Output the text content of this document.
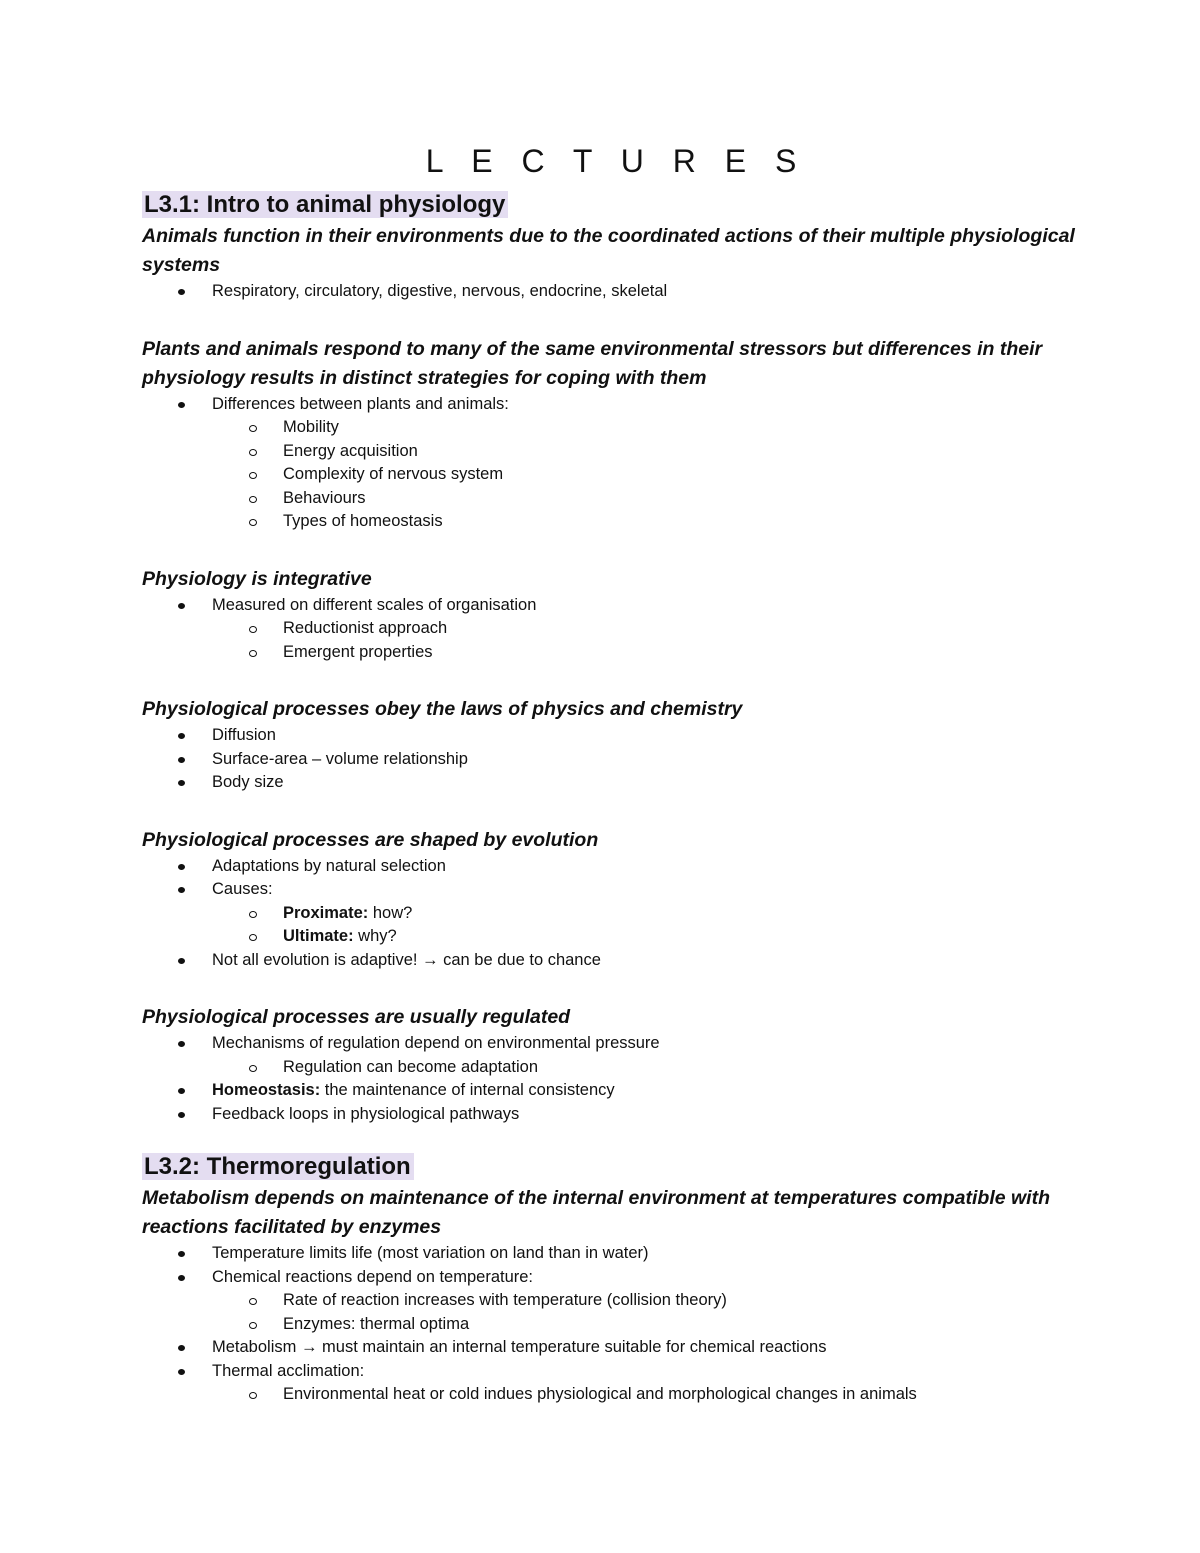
L E C T U R E S
L3.1: Intro to animal physiology

Animals function in their environments due to the coordinated actions of their multiple physiological systems

Respiratory, circulatory, digestive, nervous, endocrine, skeletal

Plants and animals respond to many of the same environmental stressors but differences in their physiology results in distinct strategies for coping with them

Differences between plants and animals:
Mobility
Energy acquisition
Complexity of nervous system
Behaviours
Types of homeostasis

Physiology is integrative

Measured on different scales of organisation
Reductionist approach
Emergent properties

Physiological processes obey the laws of physics and chemistry

Diffusion
Surface-area – volume relationship
Body size

Physiological processes are shaped by evolution

Adaptations by natural selection
Causes:
Proximate: how?
Ultimate: why?
Not all evolution is adaptive! → can be due to chance

Physiological processes are usually regulated

Mechanisms of regulation depend on environmental pressure
Regulation can become adaptation
Homeostasis: the maintenance of internal consistency
Feedback loops in physiological pathways
L3.2: Thermoregulation

Metabolism depends on maintenance of the internal environment at temperatures compatible with reactions facilitated by enzymes

Temperature limits life (most variation on land than in water)
Chemical reactions depend on temperature:
Rate of reaction increases with temperature (collision theory)
Enzymes: thermal optima
Metabolism → must maintain an internal temperature suitable for chemical reactions
Thermal acclimation:
Environmental heat or cold indues physiological and morphological changes in animals
